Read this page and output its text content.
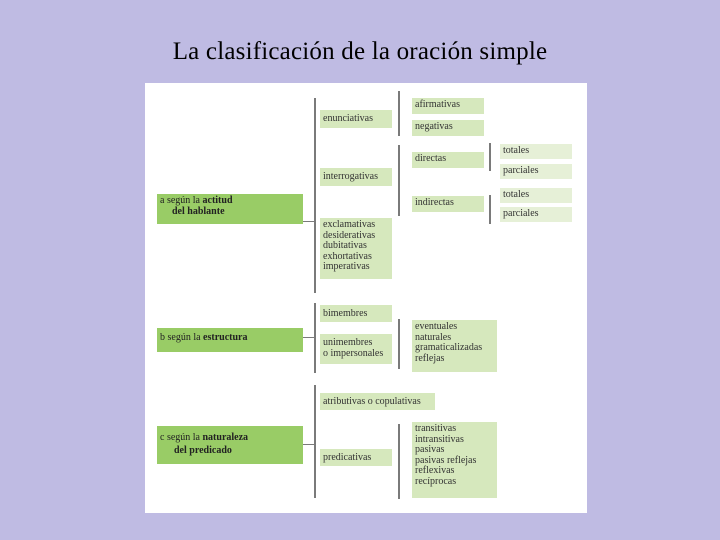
La clasificación de la oración simple
a según la actitud
del hablante
b según la estructura
c según la naturaleza
del predicado
enunciativas
afirmativas
negativas
interrogativas
directas
indirectas
totales
parciales
totales
parciales
exclamativas
desiderativas
dubitativas
exhortativas
imperativas
bimembres
unimembres
o impersonales
eventuales
naturales
gramaticalizadas
reflejas
atributivas o copulativas
predicativas
transitivas
intransitivas
pasivas
pasivas reflejas
reflexivas
recíprocas
